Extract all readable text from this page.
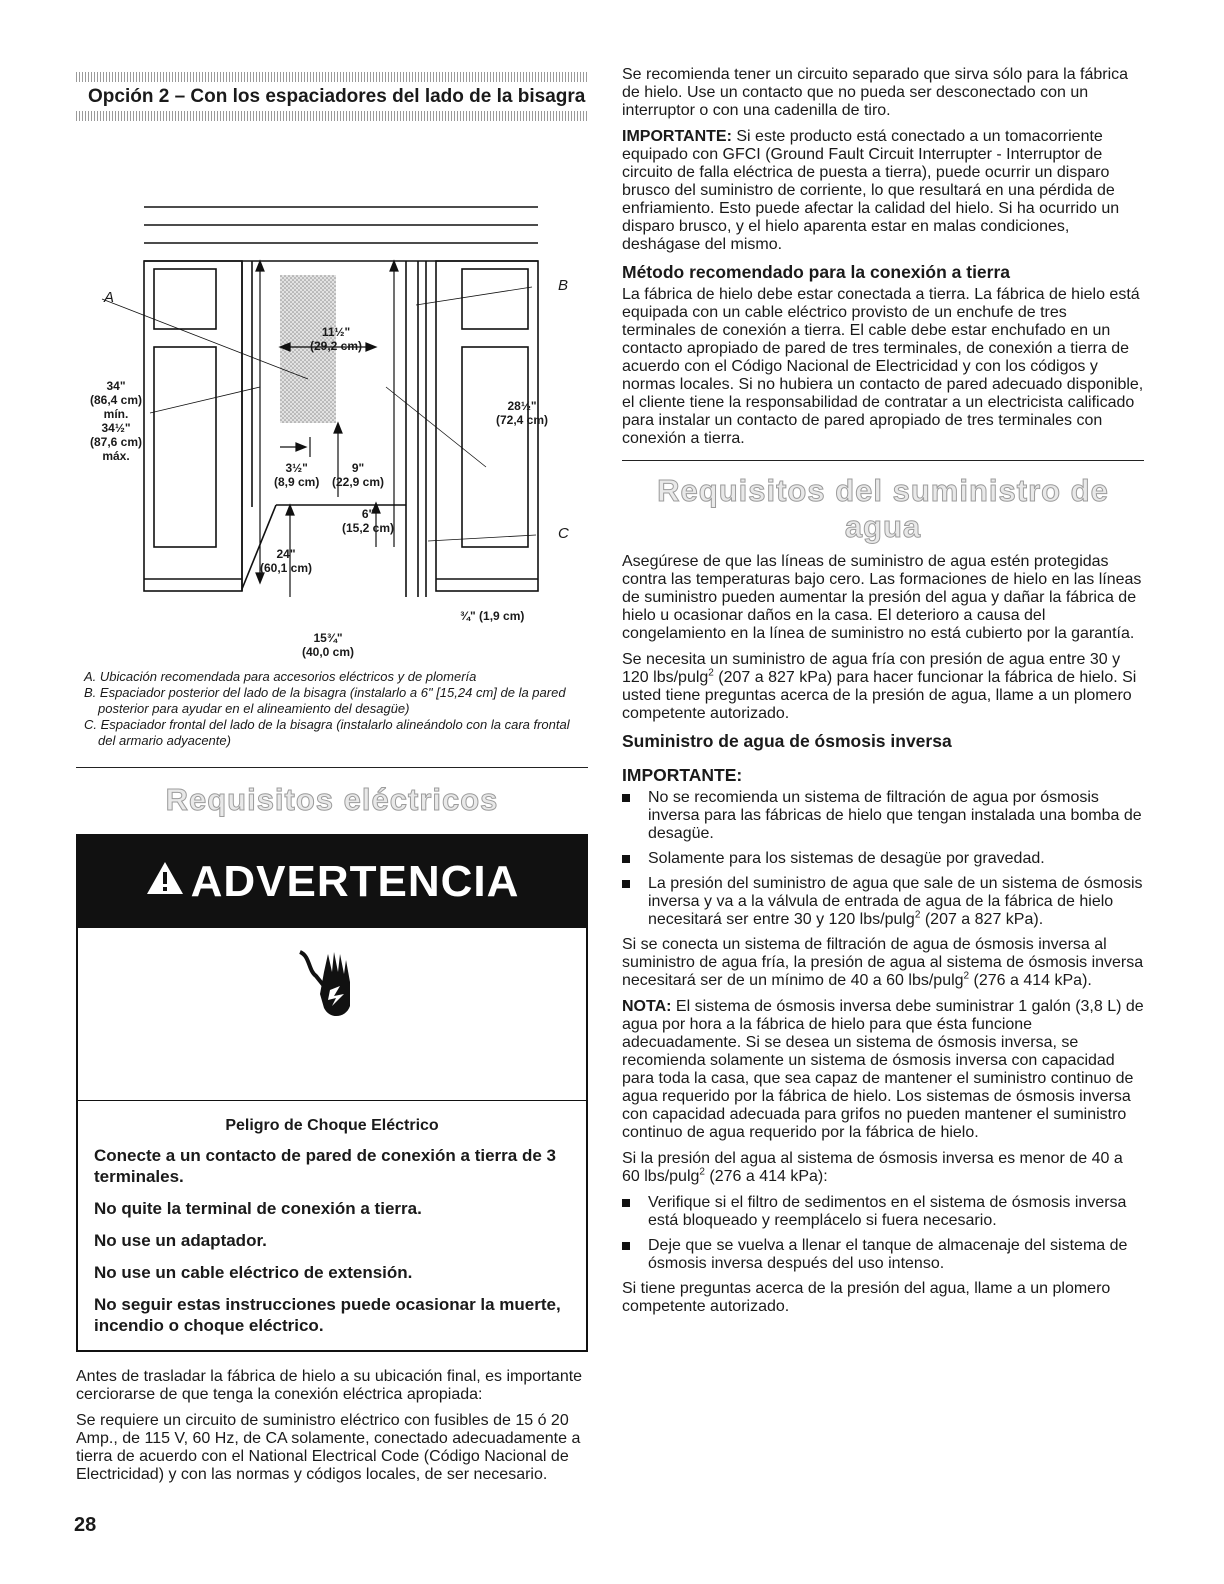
Opción 2 – Con los espaciadores del lado de la bisagra
A
B
C
34"
(86,4 cm)
mín.
34½"
(87,6 cm)
máx.
11½"
(29,2 cm)
28½"
(72,4 cm)
3½"
(8,9 cm)
9"
(22,9 cm)
6"
(15,2 cm)
24"
(60,1 cm)
15¾"
(40,0 cm)
¾" (1,9 cm)

A. Ubicación recomendada para accesorios eléctricos y de plomería

B. Espaciador posterior del lado de la bisagra (instalarlo a 6" [15,24 cm] de la pared posterior para ayudar en el alineamiento del desagüe)

C. Espaciador frontal del lado de la bisagra (instalarlo alineándolo con la cara frontal del armario adyacente)

Requisitos eléctricos
ADVERTENCIA
Peligro de Choque Eléctrico

Conecte a un contacto de pared de conexión a tierra de 3 terminales.

No quite la terminal de conexión a tierra.

No use un adaptador.

No use un cable eléctrico de extensión.

No seguir estas instrucciones puede ocasionar la muerte, incendio o choque eléctrico.

Antes de trasladar la fábrica de hielo a su ubicación final, es importante cerciorarse de que tenga la conexión eléctrica apropiada:

Se requiere un circuito de suministro eléctrico con fusibles de 15 ó 20 Amp., de 115 V, 60 Hz, de CA solamente, conectado adecuadamente a tierra de acuerdo con el National Electrical Code (Código Nacional de Electricidad) y con las normas y códigos locales, de ser necesario.

Se recomienda tener un circuito separado que sirva sólo para la fábrica de hielo. Use un contacto que no pueda ser desconectado con un interruptor o con una cadenilla de tiro.

IMPORTANTE: Si este producto está conectado a un tomacorriente equipado con GFCI (Ground Fault Circuit Interrupter - Interruptor de circuito de falla eléctrica de puesta a tierra), puede ocurrir un disparo brusco del suministro de corriente, lo que resultará en una pérdida de enfriamiento. Esto puede afectar la calidad del hielo. Si ha ocurrido un disparo brusco, y el hielo aparenta estar en malas condiciones, deshágase del mismo.

Método recomendado para la conexión a tierra

La fábrica de hielo debe estar conectada a tierra. La fábrica de hielo está equipada con un cable eléctrico provisto de un enchufe de tres terminales de conexión a tierra. El cable debe estar enchufado en un contacto apropiado de pared de tres terminales, de conexión a tierra de acuerdo con el Código Nacional de Electricidad y con los códigos y normas locales. Si no hubiera un contacto de pared adecuado disponible, el cliente tiene la responsabilidad de contratar a un electricista calificado para instalar un contacto de pared apropiado de tres terminales con conexión a tierra.

Requisitos del suministro de agua

Asegúrese de que las líneas de suministro de agua estén protegidas contra las temperaturas bajo cero. Las formaciones de hielo en las líneas de suministro pueden aumentar la presión del agua y dañar la fábrica de hielo u ocasionar daños en la casa. El deterioro a causa del congelamiento en la línea de suministro no está cubierto por la garantía.

Se necesita un suministro de agua fría con presión de agua entre 30 y 120 lbs/pulg$^2$ (207 a 827 kPa) para hacer funcionar la fábrica de hielo. Si usted tiene preguntas acerca de la presión de agua, llame a un plomero competente autorizado.

Suministro de agua de ósmosis inversa
IMPORTANTE:
No se recomienda un sistema de filtración de agua por ósmosis inversa para las fábricas de hielo que tengan instalada una bomba de desagüe.
Solamente para los sistemas de desagüe por gravedad.
La presión del suministro de agua que sale de un sistema de ósmosis inversa y va a la válvula de entrada de agua de la fábrica de hielo necesitará ser entre 30 y 120 lbs/pulg$^2$ (207 a 827 kPa).

Si se conecta un sistema de filtración de agua de ósmosis inversa al suministro de agua fría, la presión de agua al sistema de ósmosis inversa necesitará ser de un mínimo de 40 a 60 lbs/pulg$^2$ (276 a 414 kPa).

NOTA: El sistema de ósmosis inversa debe suministrar 1 galón (3,8 L) de agua por hora a la fábrica de hielo para que ésta funcione adecuadamente. Si se desea un sistema de ósmosis inversa, se recomienda solamente un sistema de ósmosis inversa con capacidad para toda la casa, que sea capaz de mantener el suministro continuo de agua requerido por la fábrica de hielo. Los sistemas de ósmosis inversa con capacidad adecuada para grifos no pueden mantener el suministro continuo de agua requerido por la fábrica de hielo.

Si la presión del agua al sistema de ósmosis inversa es menor de 40 a 60 lbs/pulg$^2$ (276 a 414 kPa):

Verifique si el filtro de sedimentos en el sistema de ósmosis inversa está bloqueado y reemplácelo si fuera necesario.
Deje que se vuelva a llenar el tanque de almacenaje del sistema de ósmosis inversa después del uso intenso.

Si tiene preguntas acerca de la presión del agua, llame a un plomero competente autorizado.

28
